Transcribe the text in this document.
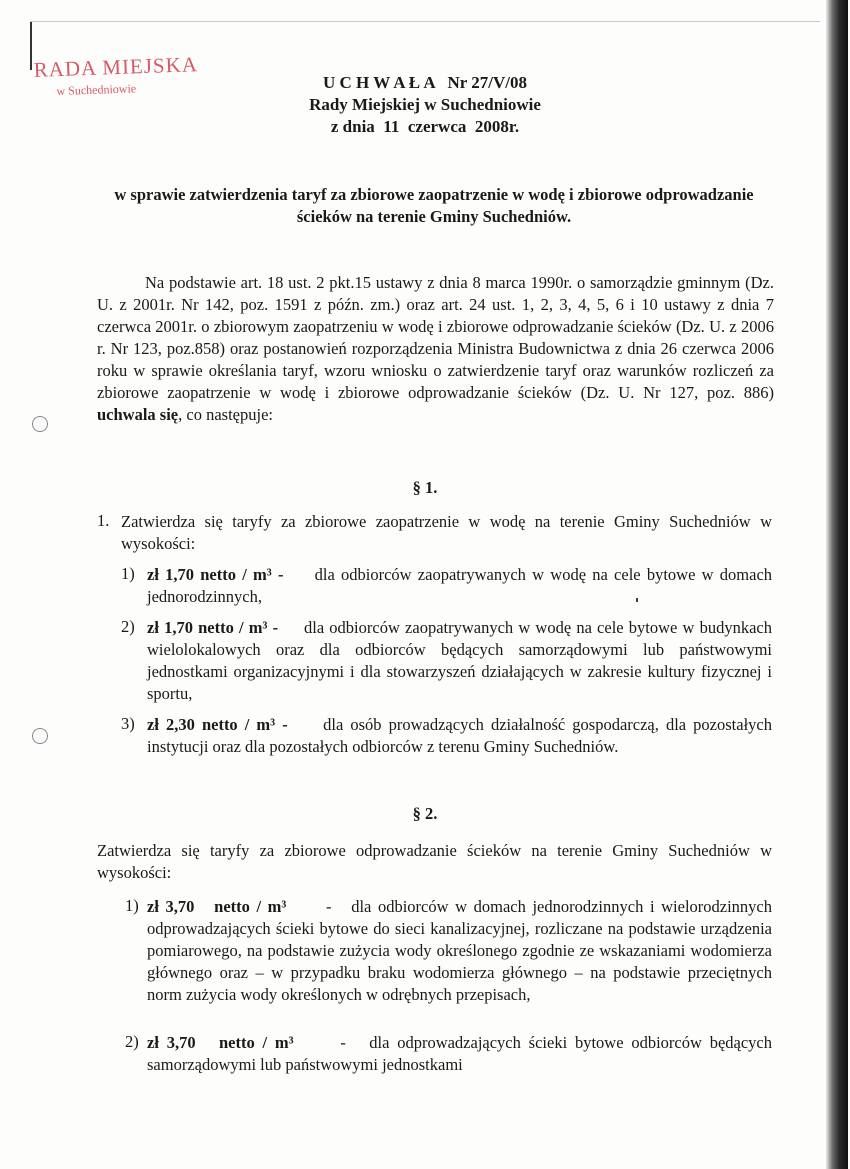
RADA MIEJSKA
w Suchedniowie	U C H W A Ł A   Nr 27/V/08
Rady Miejskiej w Suchedniowie
z dnia  11  czerwca  2008r.
w sprawie zatwierdzenia taryf za zbiorowe zaopatrzenie w wodę i zbiorowe odprowadzanie ścieków na terenie Gminy Suchedniów.
Na podstawie art. 18 ust. 2 pkt.15 ustawy z dnia 8 marca 1990r. o samorządzie gminnym (Dz. U. z 2001r. Nr 142, poz. 1591 z późn. zm.) oraz art. 24 ust. 1, 2, 3, 4, 5, 6 i 10 ustawy z dnia 7 czerwca 2001r. o zbiorowym zaopatrzeniu w wodę i zbiorowe odprowadzanie ścieków (Dz. U. z 2006 r. Nr 123, poz.858) oraz postanowień rozporządzenia Ministra Budownictwa z dnia 26 czerwca 2006 roku w sprawie określania taryf, wzoru wniosku o zatwierdzenie taryf oraz warunków rozliczeń za zbiorowe zaopatrzenie w wodę i zbiorowe odprowadzanie ścieków (Dz. U. Nr 127, poz. 886) uchwala się, co następuje:
§ 1.
1. Zatwierdza się taryfy za zbiorowe zaopatrzenie w wodę na terenie Gminy Suchedniów w wysokości:
1) zł 1,70 netto / m³ - dla odbiorców zaopatrywanych w wodę na cele bytowe w domach jednorodzinnych,
2) zł 1,70 netto / m³ - dla odbiorców zaopatrywanych w wodę na cele bytowe w budynkach wielolokalowych oraz dla odbiorców będących samorządowymi lub państwowymi jednostkami organizacyjnymi i dla stowarzyszeń działających w zakresie kultury fizycznej i sportu,
3) zł 2,30 netto / m³ - dla osób prowadzących działalność gospodarczą, dla pozostałych instytucji oraz dla pozostałych odbiorców z terenu Gminy Suchedniów.
§ 2.
Zatwierdza się taryfy za zbiorowe odprowadzanie ścieków na terenie Gminy Suchedniów w wysokości:
1) zł 3,70   netto / m³ -   dla odbiorców w domach jednorodzinnych i wielorodzinnych odprowadzających ścieki bytowe do sieci kanalizacyjnej, rozliczane na podstawie urządzenia pomiarowego, na podstawie zużycia wody określonego zgodnie ze wskazaniami wodomierza głównego oraz – w przypadku braku wodomierza głównego – na podstawie przeciętnych norm zużycia wody określonych w odrębnych przepisach,
2) zł 3,70   netto / m³	-   dla odprowadzających ścieki bytowe odbiorców będących samorządowymi lub państwowymi jednostkami
